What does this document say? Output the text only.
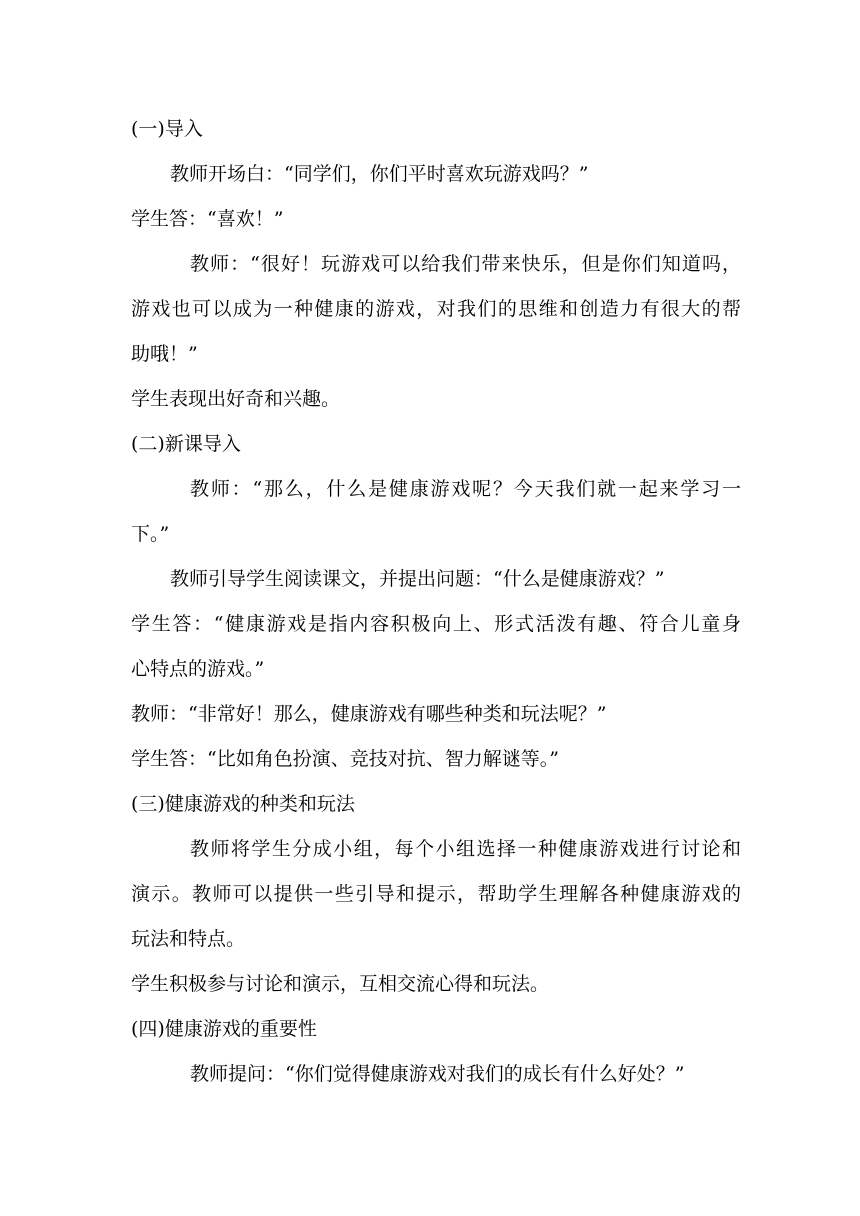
(一)导入
教师开场白：“同学们，你们平时喜欢玩游戏吗？”
学生答：“喜欢！”
教师：“很好！玩游戏可以给我们带来快乐，但是你们知道吗，
游戏也可以成为一种健康的游戏，对我们的思维和创造力有很大的帮
助哦！”
学生表现出好奇和兴趣。
(二)新课导入
教师：“那么，什么是健康游戏呢？今天我们就一起来学习一
下。”
教师引导学生阅读课文，并提出问题：“什么是健康游戏？”
学生答：“健康游戏是指内容积极向上、形式活泼有趣、符合儿童身
心特点的游戏。”
教师：“非常好！那么，健康游戏有哪些种类和玩法呢？”
学生答：“比如角色扮演、竞技对抗、智力解谜等。”
(三)健康游戏的种类和玩法
教师将学生分成小组，每个小组选择一种健康游戏进行讨论和
演示。教师可以提供一些引导和提示，帮助学生理解各种健康游戏的
玩法和特点。
学生积极参与讨论和演示，互相交流心得和玩法。
(四)健康游戏的重要性
教师提问：“你们觉得健康游戏对我们的成长有什么好处？”
